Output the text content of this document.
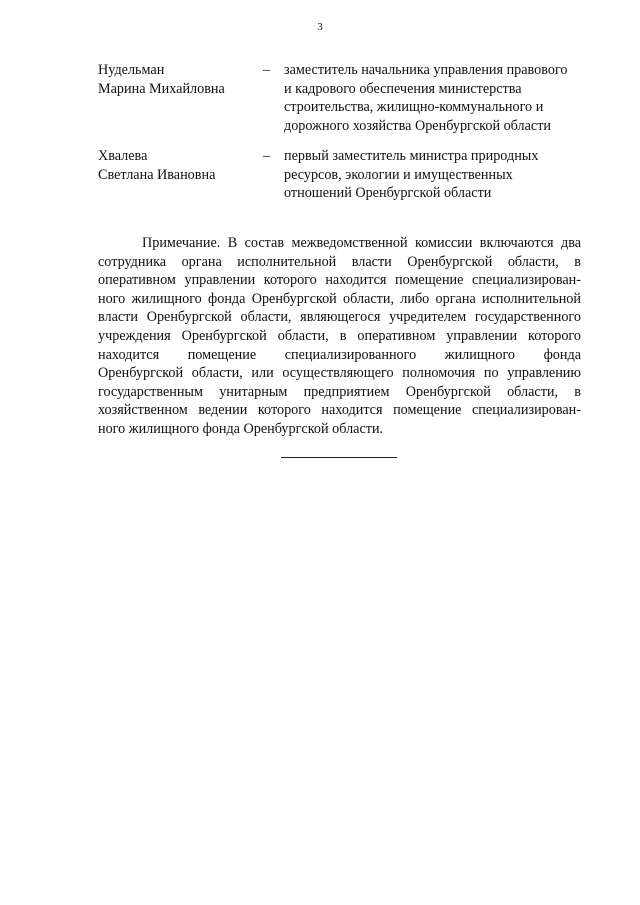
3
Нудельман
Марина Михайловна
– заместитель начальника управления правового
и кадрового обеспечения министерства
строительства, жилищно-коммунального и
дорожного хозяйства Оренбургской области
Хвалева
Светлана Ивановна
– первый заместитель министра природных
ресурсов, экологии и имущественных
отношений Оренбургской области
Примечание. В состав межведомственной комиссии включаются два
сотрудника органа исполнительной власти Оренбургской области, в
оперативном управлении которого находится помещение специализирован-
ного жилищного фонда Оренбургской области, либо органа исполнительной
власти Оренбургской области, являющегося учредителем государственного
учреждения Оренбургской области, в оперативном управлении которого
находится помещение специализированного жилищного фонда
Оренбургской области, или осуществляющего полномочия по управлению
государственным унитарным предприятием Оренбургской области, в
хозяйственном ведении которого находится помещение специализирован-
ного жилищного фонда Оренбургской области.
